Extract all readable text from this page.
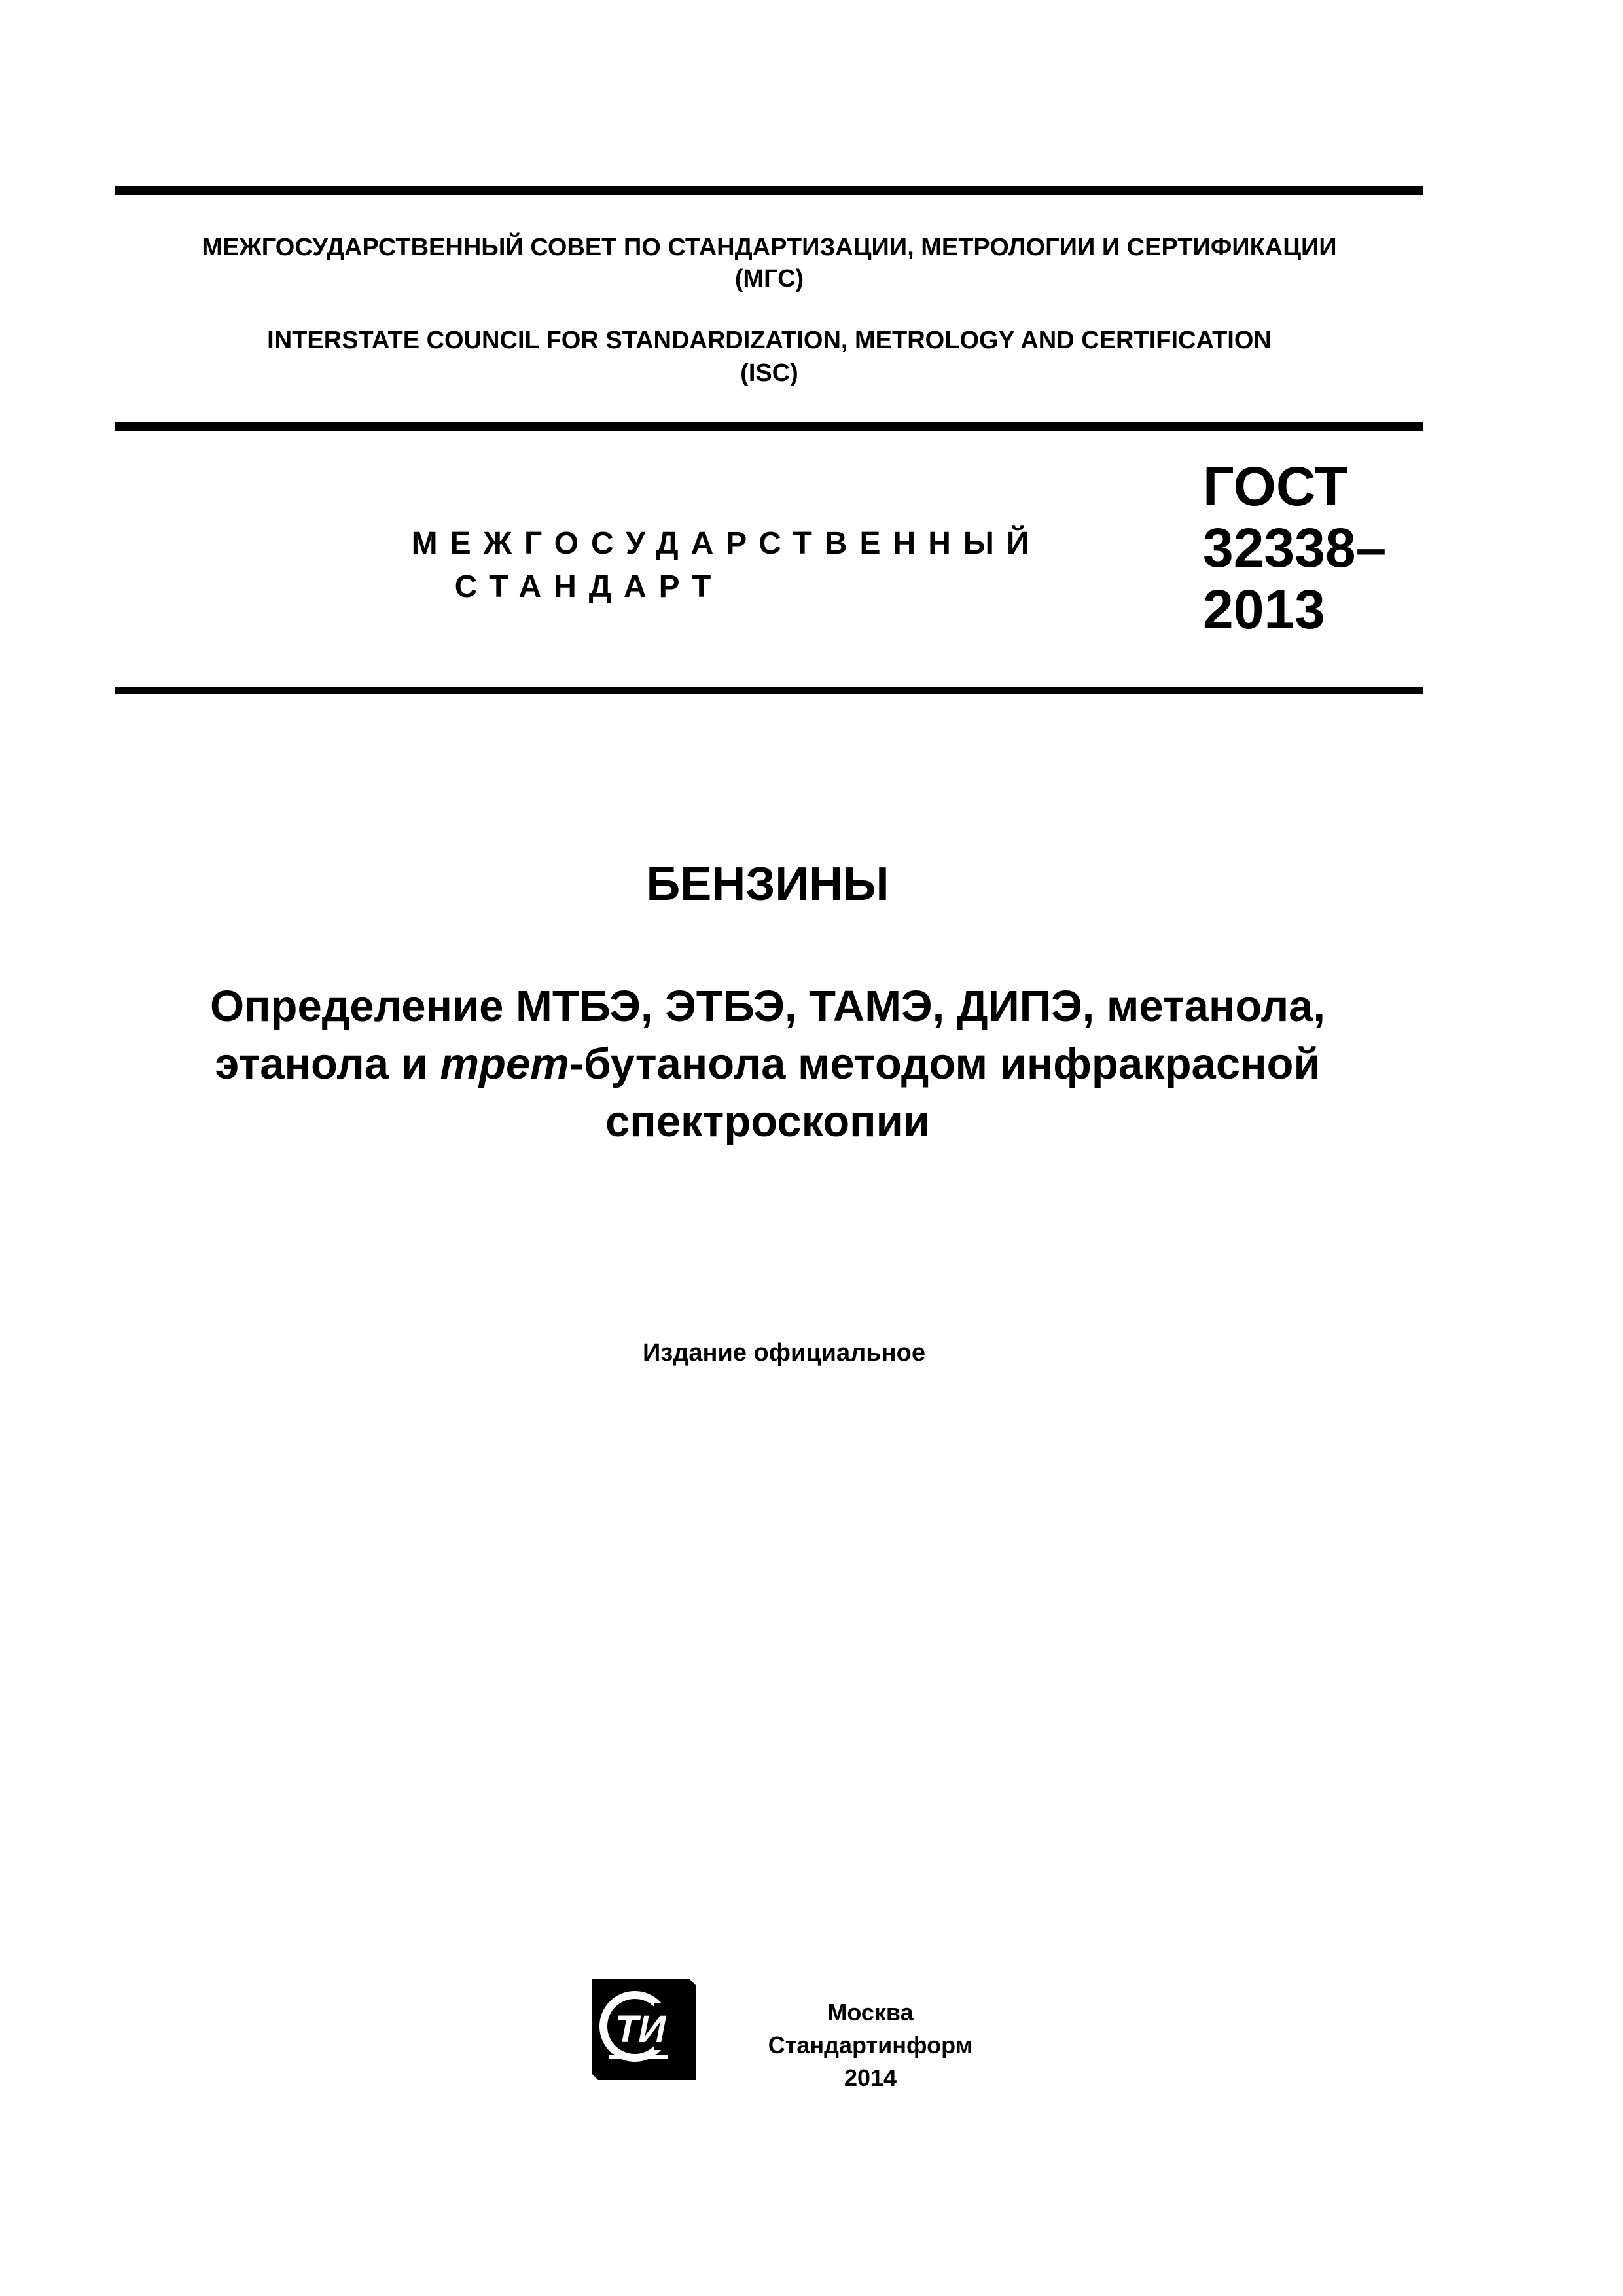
МЕЖГОСУДАРСТВЕННЫЙ СОВЕТ ПО СТАНДАРТИЗАЦИИ, МЕТРОЛОГИИ И СЕРТИФИКАЦИИ
(МГС)
INTERSTATE COUNCIL FOR STANDARDIZATION, METROLOGY AND CERTIFICATION
(ISC)
МЕЖГОСУДАРСТВЕННЫЙ
СТАНДАРТ
ГОСТ
32338–
2013
БЕНЗИНЫ
Определение МТБЭ, ЭТБЭ, ТАМЭ, ДИПЭ, метанола,
этанола и трет-бутанола методом инфракрасной
спектроскопии
Издание официальное
ТИ	Москва
Стандартинформ
2014
